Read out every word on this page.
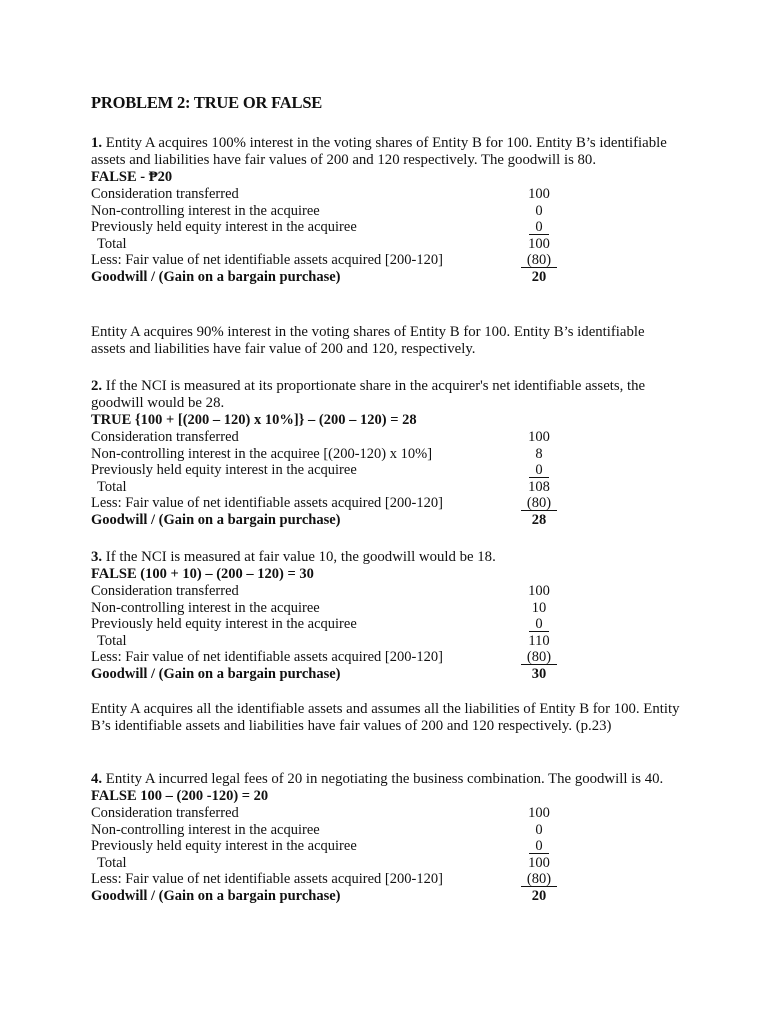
PROBLEM 2: TRUE OR FALSE

1. Entity A acquires 100% interest in the voting shares of Entity B for 100. Entity B’s identifiable assets and liabilities have fair values of 200 and 120 respectively. The goodwill is 80.

FALSE - ₱20
Consideration transferred	100
Non-controlling interest in the acquiree	0
Previously held equity interest in the acquiree	0
Total	100
Less: Fair value of net identifiable assets acquired [200-120]	(80)
Goodwill / (Gain on a bargain purchase)	20

Entity A acquires 90% interest in the voting shares of Entity B for 100. Entity B’s identifiable assets and liabilities have fair value of 200 and 120, respectively.

2. If the NCI is measured at its proportionate share in the acquirer's net identifiable assets, the goodwill would be 28.

TRUE {100 + [(200 – 120) x 10%]} – (200 – 120) = 28
Consideration transferred	100
Non-controlling interest in the acquiree [(200-120) x 10%]	8
Previously held equity interest in the acquiree	0
Total	108
Less: Fair value of net identifiable assets acquired [200-120]	(80)
Goodwill / (Gain on a bargain purchase)	28

3. If the NCI is measured at fair value 10, the goodwill would be 18.

FALSE (100 + 10) – (200 – 120) = 30
Consideration transferred	100
Non-controlling interest in the acquiree	10
Previously held equity interest in the acquiree	0
Total	110
Less: Fair value of net identifiable assets acquired [200-120]	(80)
Goodwill / (Gain on a bargain purchase)	30

Entity A acquires all the identifiable assets and assumes all the liabilities of Entity B for 100. Entity B’s identifiable assets and liabilities have fair values of 200 and 120 respectively. (p.23)

4. Entity A incurred legal fees of 20 in negotiating the business combination. The goodwill is 40.

FALSE 100 – (200 -120) = 20
Consideration transferred	100
Non-controlling interest in the acquiree	0
Previously held equity interest in the acquiree	0
Total	100
Less: Fair value of net identifiable assets acquired [200-120]	(80)
Goodwill / (Gain on a bargain purchase)	20
